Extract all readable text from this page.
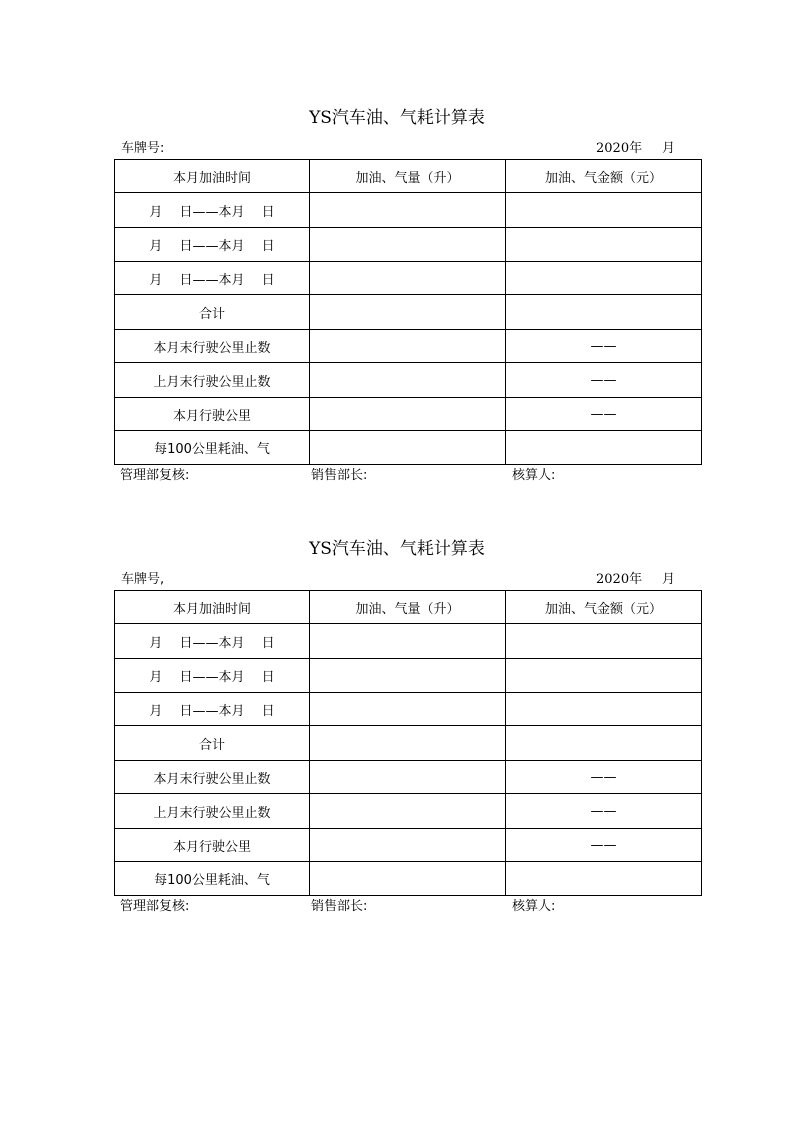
YS汽车油、气耗计算表
车牌号:	2020年 月
本月加油时间	加油、气量（升）	加油、气金额（元）
月　 日——本月　 日		
月　 日——本月　 日		
月　 日——本月　 日		
合计		
本月末行驶公里止数		——
上月末行驶公里止数		——
本月行驶公里		——
每100公里耗油、气		
管理部复核:	销售部长:	核算人:
YS汽车油、气耗计算表
车牌号,	2020年 月
本月加油时间	加油、气量（升）	加油、气金额（元）
月　 日——本月　 日		
月　 日——本月　 日		
月　 日——本月　 日		
合计		
本月末行驶公里止数		——
上月末行驶公里止数		——
本月行驶公里		——
每100公里耗油、气		
管理部复核:	销售部长:	核算人:
